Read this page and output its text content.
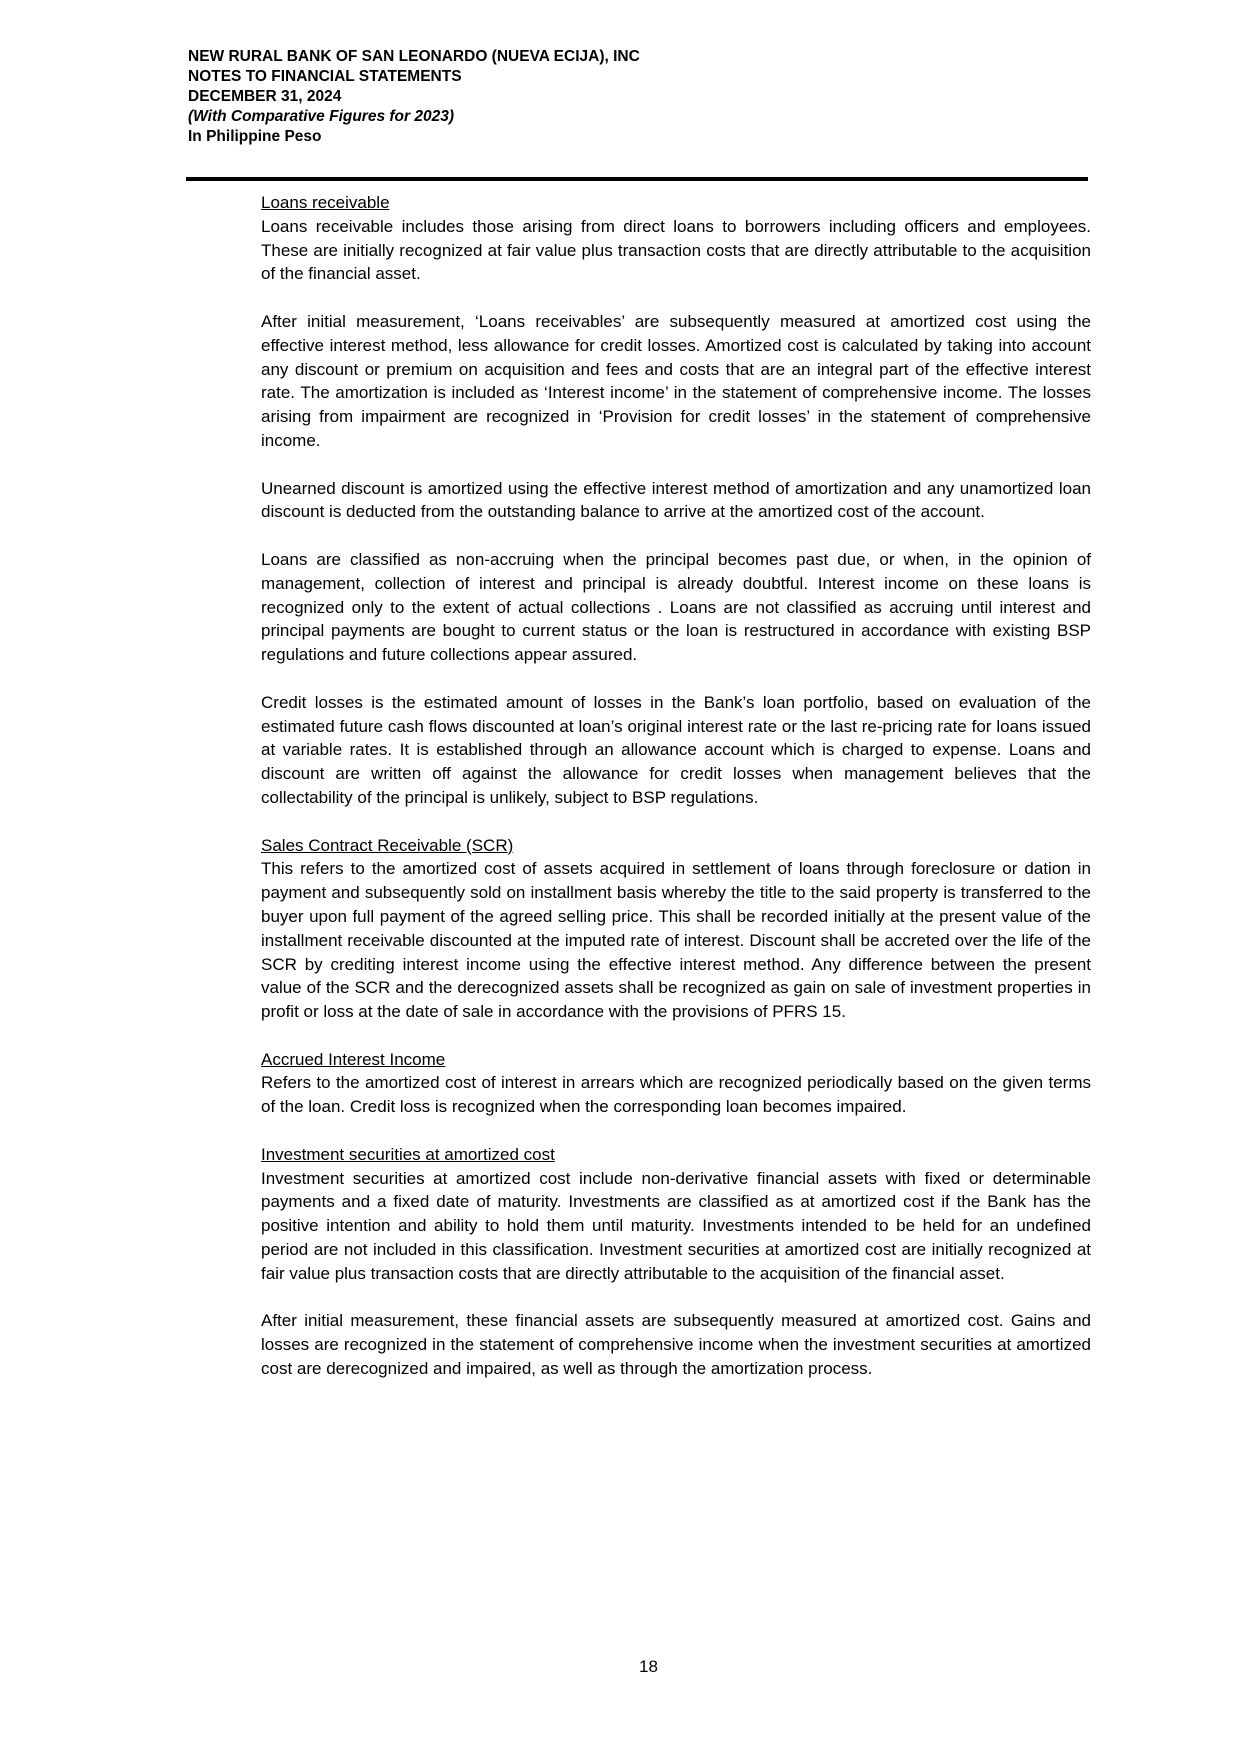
NEW RURAL BANK OF SAN LEONARDO (NUEVA ECIJA), INC
NOTES TO FINANCIAL STATEMENTS
DECEMBER 31, 2024
(With Comparative Figures for 2023)
In Philippine Peso
Loans receivable

Loans receivable includes those arising from direct loans to borrowers including officers and employees. These are initially recognized at fair value plus transaction costs that are directly attributable to the acquisition of the financial asset.

After initial measurement, ‘Loans receivables’ are subsequently measured at amortized cost using the effective interest method, less allowance for credit losses. Amortized cost is calculated by taking into account any discount or premium on acquisition and fees and costs that are an integral part of the effective interest rate. The amortization is included as ‘Interest income’ in the statement of comprehensive income. The losses arising from impairment are recognized in ‘Provision for credit losses’ in the statement of comprehensive income.

Unearned discount is amortized using the effective interest method of amortization and any unamortized loan discount is deducted from the outstanding balance to arrive at the amortized cost of the account.

Loans are classified as non-accruing when the principal becomes past due, or when, in the opinion of management, collection of interest and principal is already doubtful. Interest income on these loans is recognized only to the extent of actual collections . Loans are not classified as accruing until interest and principal payments are bought to current status or the loan is restructured in accordance with existing BSP regulations and future collections appear assured.

Credit losses is the estimated amount of losses in the Bank’s loan portfolio, based on evaluation of the estimated future cash flows discounted at loan’s original interest rate or the last re-pricing rate for loans issued at variable rates. It is established through an allowance account which is charged to expense. Loans and discount are written off against the allowance for credit losses when management believes that the collectability of the principal is unlikely, subject to BSP regulations.

Sales Contract Receivable (SCR)

This refers to the amortized cost of assets acquired in settlement of loans through foreclosure or dation in payment and subsequently sold on installment basis whereby the title to the said property is transferred to the buyer upon full payment of the agreed selling price. This shall be recorded initially at the present value of the installment receivable discounted at the imputed rate of interest. Discount shall be accreted over the life of the SCR by crediting interest income using the effective interest method. Any difference between the present value of the SCR and the derecognized assets shall be recognized as gain on sale of investment properties in profit or loss at the date of sale in accordance with the provisions of PFRS 15.

Accrued Interest Income

Refers to the amortized cost of interest in arrears which are recognized periodically based on the given terms of the loan. Credit loss is recognized when the corresponding loan becomes impaired.

Investment securities at amortized cost

Investment securities at amortized cost include non-derivative financial assets with fixed or determinable payments and a fixed date of maturity. Investments are classified as at amortized cost if the Bank has the positive intention and ability to hold them until maturity. Investments intended to be held for an undefined period are not included in this classification. Investment securities at amortized cost are initially recognized at fair value plus transaction costs that are directly attributable to the acquisition of the financial asset.

After initial measurement, these financial assets are subsequently measured at amortized cost. Gains and losses are recognized in the statement of comprehensive income when the investment securities at amortized cost are derecognized and impaired, as well as through the amortization process.

18
